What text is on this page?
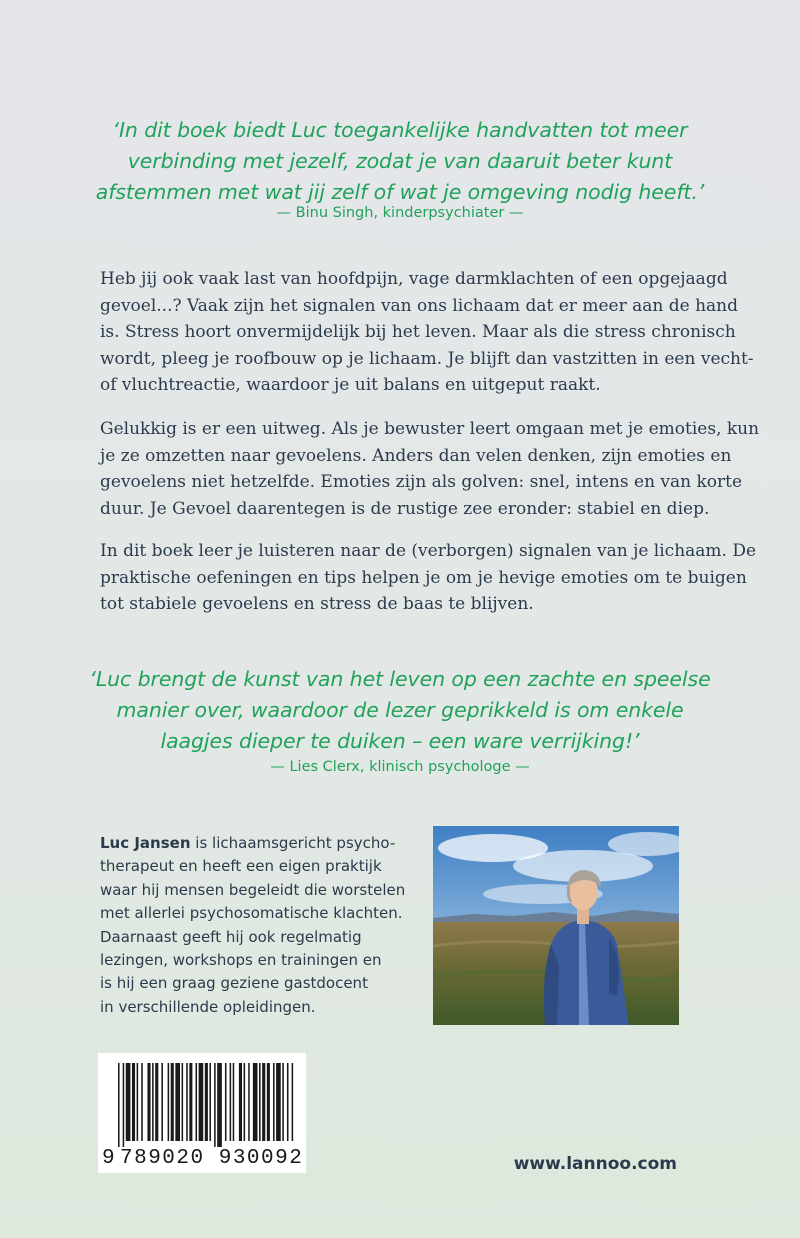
‘In dit boek biedt Luc toegankelijke handvatten tot meer
verbinding met jezelf, zodat je van daaruit beter kunt
afstemmen met wat jij zelf of wat je omgeving nodig heeft.’
— Binu Singh, kinderpsychiater —
Heb jij ook vaak last van hoofdpijn, vage darmklachten of een opgejaagd
gevoel...? Vaak zijn het signalen van ons lichaam dat er meer aan de hand
is. Stress hoort onvermijdelijk bij het leven. Maar als die stress chronisch
wordt, pleeg je roofbouw op je lichaam. Je blijft dan vastzitten in een vecht-
of vluchtreactie, waardoor je uit balans en uitgeput raakt.
Gelukkig is er een uitweg. Als je bewuster leert omgaan met je emoties, kun
je ze omzetten naar gevoelens. Anders dan velen denken, zijn emoties en
gevoelens niet hetzelfde. Emoties zijn als golven: snel, intens en van korte
duur. Je Gevoel daarentegen is de rustige zee eronder: stabiel en diep.
In dit boek leer je luisteren naar de (verborgen) signalen van je lichaam. De
praktische oefeningen en tips helpen je om je hevige emoties om te buigen
tot stabiele gevoelens en stress de baas te blijven.
‘Luc brengt de kunst van het leven op een zachte en speelse
manier over, waardoor de lezer geprikkeld is om enkele
laagjes dieper te duiken – een ware verrijking!’
— Lies Clerx, klinisch psychologe —
Luc Jansen is lichaamsgericht psycho-
therapeut en heeft een eigen praktijk
waar hij mensen begeleidt die worstelen
met allerlei psychosomatische klachten.
Daarnaast geeft hij ook regelmatig
lezingen, workshops en trainingen en
is hij een graag geziene gastdocent
in verschillende opleidingen.
9 789020 930092	www.lannoo.com
